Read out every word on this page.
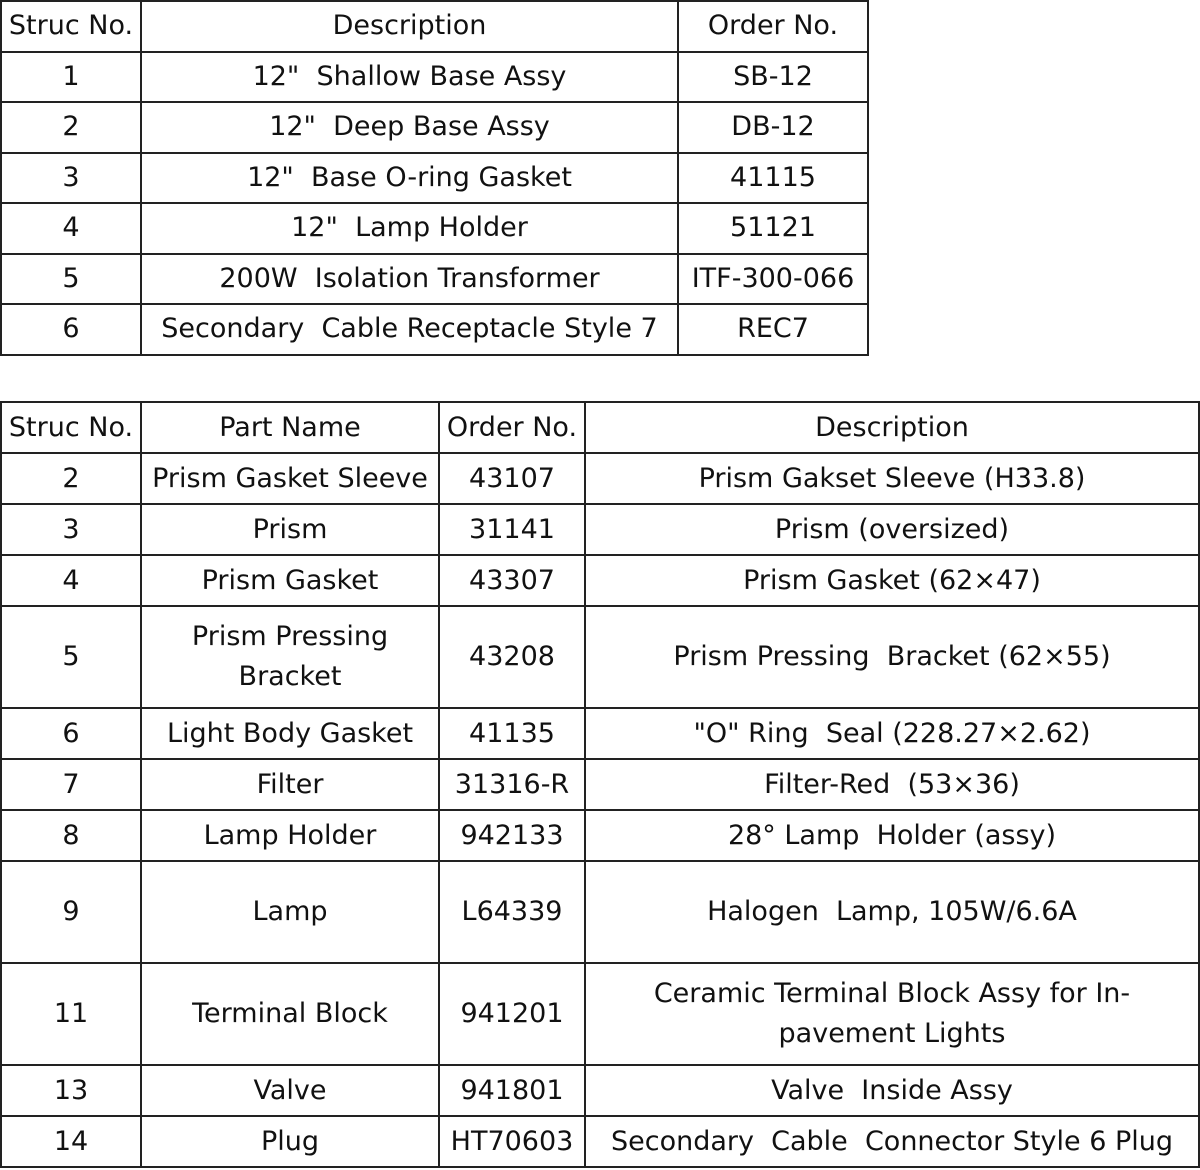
Struc No.	Description	Order No.
1	12"  Shallow Base Assy	SB-12
2	12"  Deep Base Assy	DB-12
3	12"  Base O-ring Gasket	41115
4	12"  Lamp Holder	51121
5	200W  Isolation Transformer	ITF-300-066
6	Secondary  Cable Receptacle Style 7	REC7
Struc No.	Part Name	Order No.	Description
2	Prism Gasket Sleeve	43107	Prism Gakset Sleeve (H33.8)
3	Prism	31141	Prism (oversized)
4	Prism Gasket	43307	Prism Gasket (62×47)
5	Prism Pressing Bracket	43208	Prism Pressing  Bracket (62×55)
6	Light Body Gasket	41135	"O" Ring  Seal (228.27×2.62)
7	Filter	31316-R	Filter-Red  (53×36)
8	Lamp Holder	942133	28° Lamp  Holder (assy)
9	Lamp	L64339	Halogen  Lamp, 105W/6.6A
11	Terminal Block	941201	Ceramic Terminal Block Assy for In-pavement Lights
13	Valve	941801	Valve  Inside Assy
14	Plug	HT70603	Secondary  Cable  Connector Style 6 Plug
